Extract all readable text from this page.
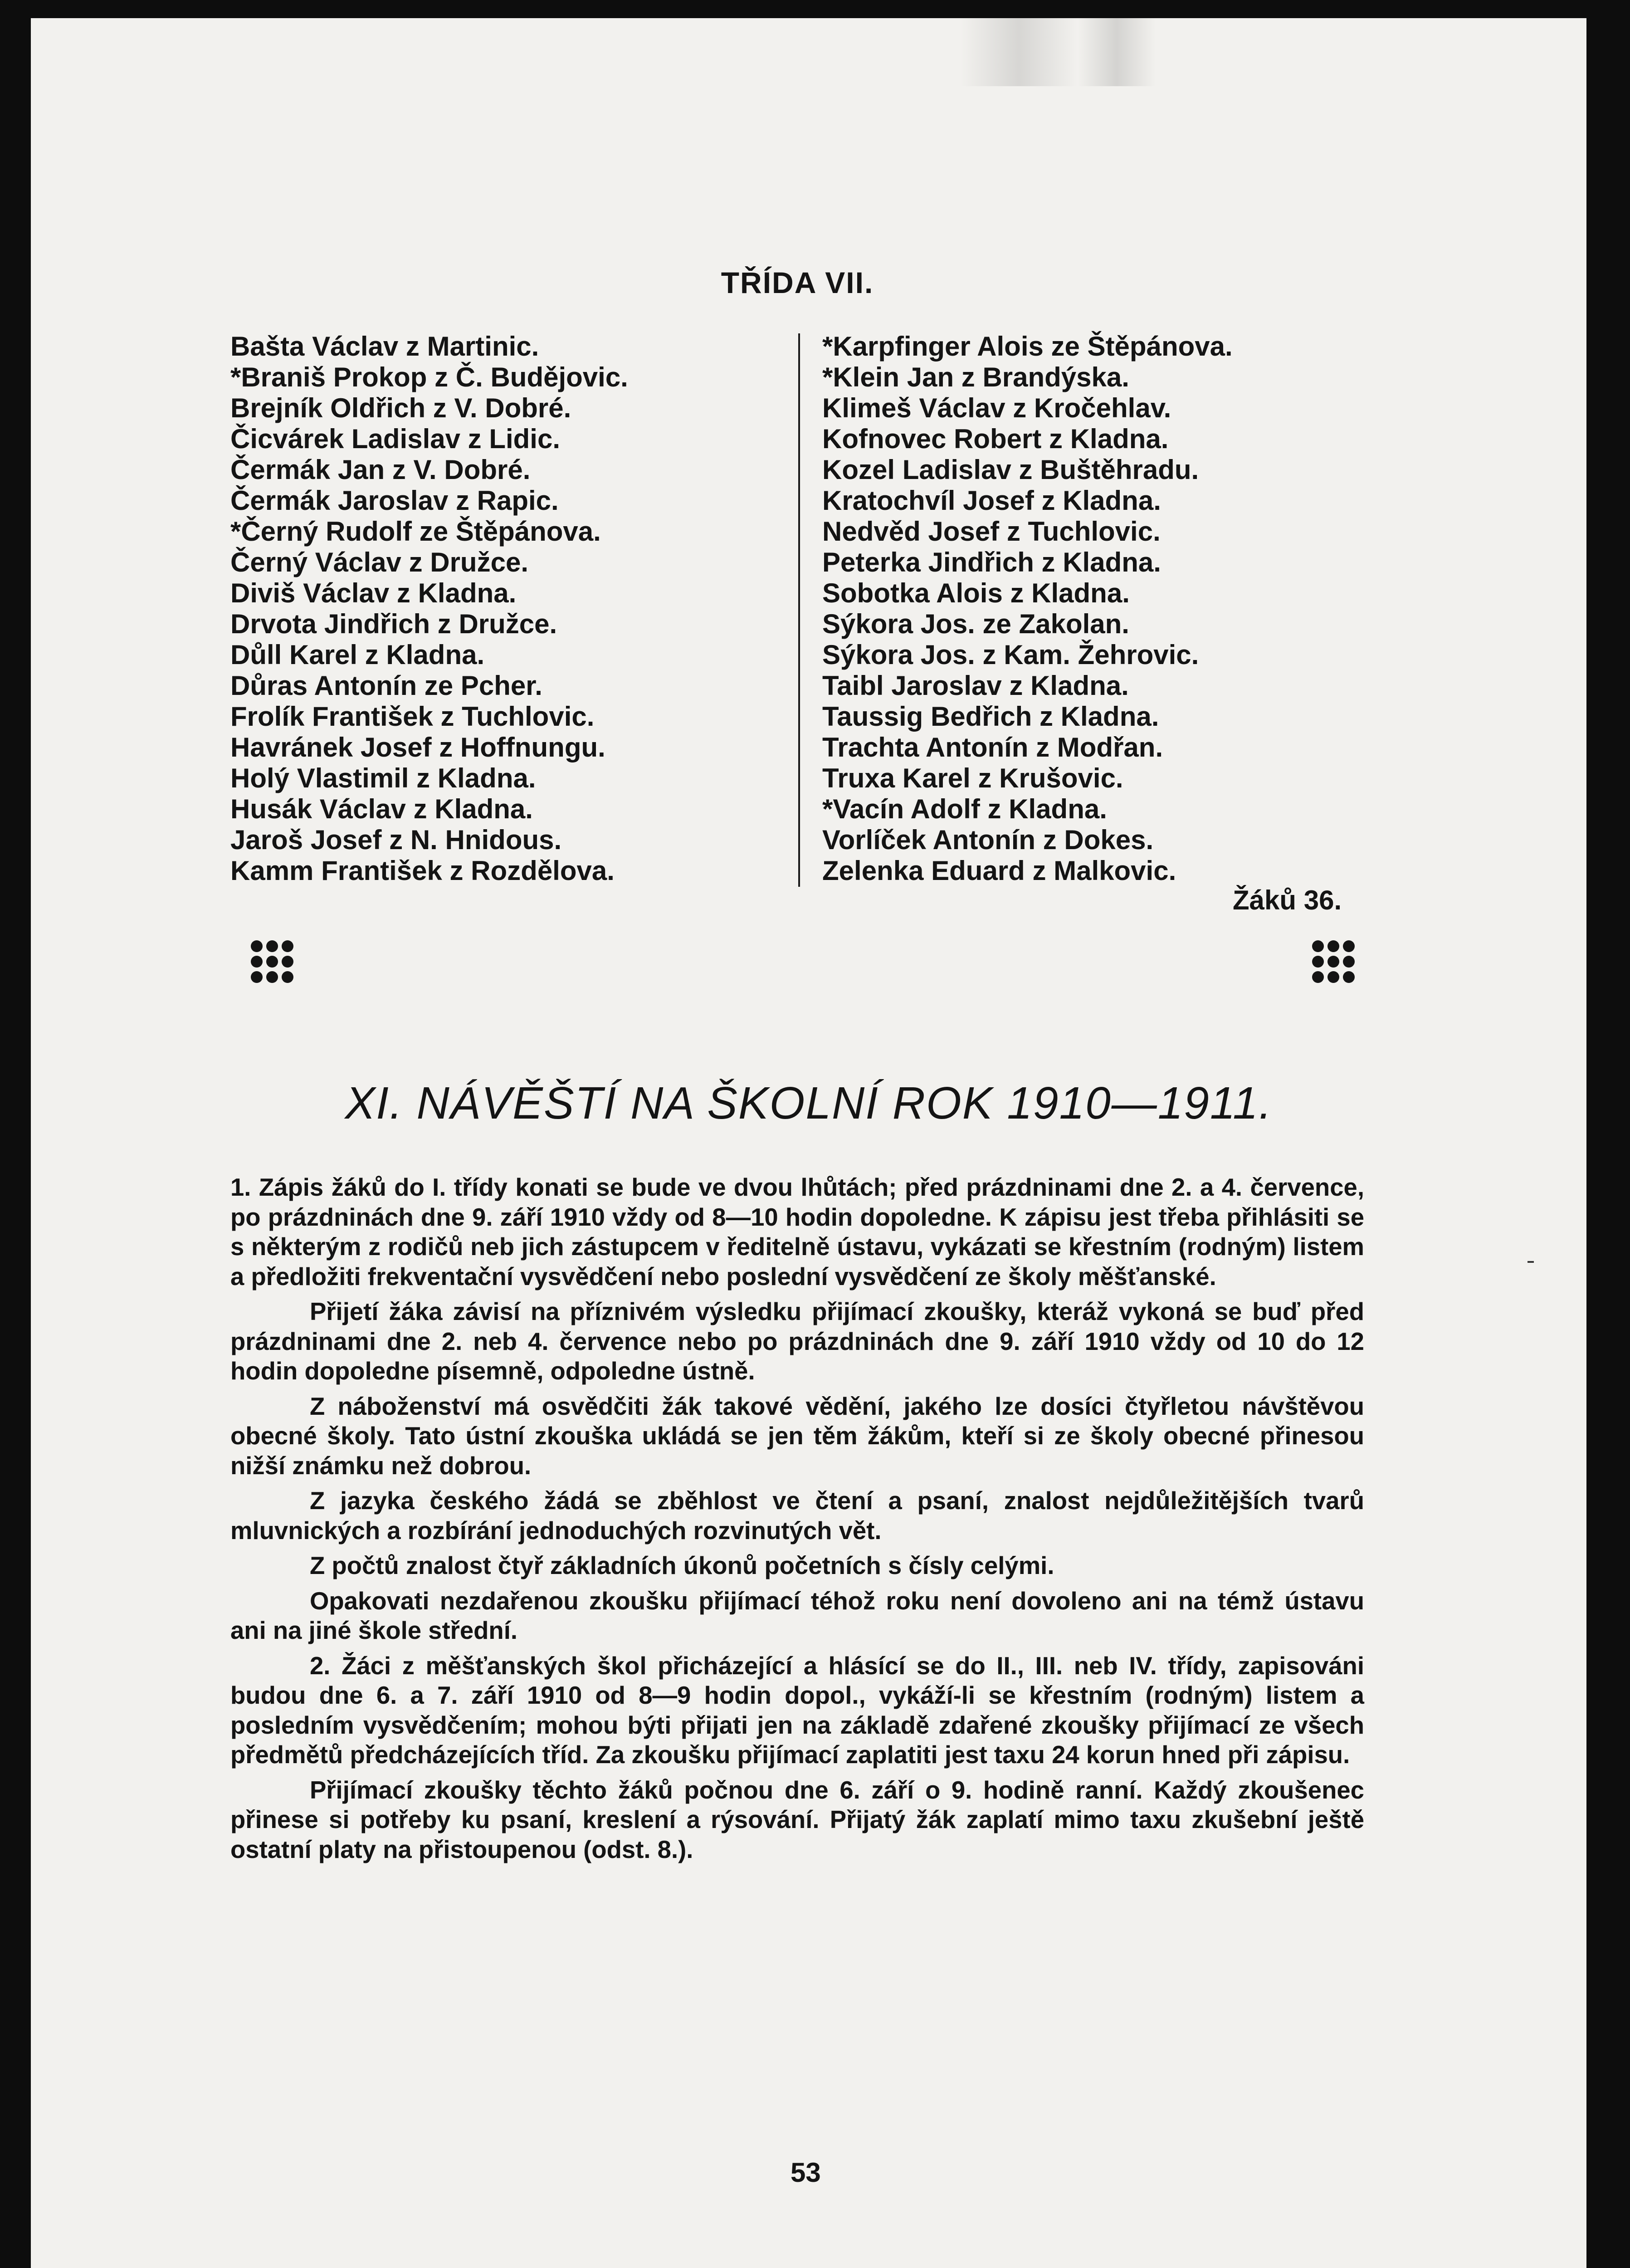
TŘÍDA VII.
Bašta Václav z Martinic.
*Braniš Prokop z Č. Budějovic.
Brejník Oldřich z V. Dobré.
Čicvárek Ladislav z Lidic.
Čermák Jan z V. Dobré.
Čermák Jaroslav z Rapic.
*Černý Rudolf ze Štěpánova.
Černý Václav z Družce.
Diviš Václav z Kladna.
Drvota Jindřich z Družce.
Důll Karel z Kladna.
Důras Antonín ze Pcher.
Frolík František z Tuchlovic.
Havránek Josef z Hoffnungu.
Holý Vlastimil z Kladna.
Husák Václav z Kladna.
Jaroš Josef z N. Hnidous.
Kamm František z Rozdělova.
*Karpfinger Alois ze Štěpánova.
*Klein Jan z Brandýska.
Klimeš Václav z Kročehlav.
Kofnovec Robert z Kladna.
Kozel Ladislav z Buštěhradu.
Kratochvíl Josef z Kladna.
Nedvěd Josef z Tuchlovic.
Peterka Jindřich z Kladna.
Sobotka Alois z Kladna.
Sýkora Jos. ze Zakolan.
Sýkora Jos. z Kam. Žehrovic.
Taibl Jaroslav z Kladna.
Taussig Bedřich z Kladna.
Trachta Antonín z Modřan.
Truxa Karel z Krušovic.
*Vacín Adolf z Kladna.
Vorlíček Antonín z Dokes.
Zelenka Eduard z Malkovic.
Žáků 36.
XI. NÁVĚŠTÍ NA ŠKOLNÍ ROK 1910—1911.
1. Zápis žáků do I. třídy konati se bude ve dvou lhůtách; před prázdninami dne 2. a 4. července, po prázdninách dne 9. září 1910 vždy od 8—10 hodin dopoledne. K zápisu jest třeba přihlásiti se s některým z rodičů neb jich zástupcem v ředitelně ústavu, vykázati se křestním (rodným) listem a předložiti frekventační vysvědčení nebo poslední vysvědčení ze školy měšťanské.
Přijetí žáka závisí na příznivém výsledku přijímací zkoušky, kteráž vykoná se buď před prázdninami dne 2. neb 4. července nebo po prázdninách dne 9. září 1910 vždy od 10 do 12 hodin dopoledne písemně, odpoledne ústně.
Z náboženství má osvědčiti žák takové vědění, jakého lze dosíci čtyřletou návštěvou obecné školy. Tato ústní zkouška ukládá se jen těm žákům, kteří si ze školy obecné přinesou nižší známku než dobrou.
Z jazyka českého žádá se zběhlost ve čtení a psaní, znalost nejdůležitějších tvarů mluvnických a rozbírání jednoduchých rozvinutých vět.
Z počtů znalost čtyř základních úkonů početních s čísly celými.
Opakovati nezdařenou zkoušku přijímací téhož roku není dovoleno ani na témž ústavu ani na jiné škole střední.
2. Žáci z měšťanských škol přicházející a hlásící se do II., III. neb IV. třídy, zapisováni budou dne 6. a 7. září 1910 od 8—9 hodin dopol., vykáží-li se křestním (rodným) listem a posledním vysvědčením; mohou býti přijati jen na základě zdařené zkoušky přijímací ze všech předmětů předcházejících tříd. Za zkoušku přijímací zaplatiti jest taxu 24 korun hned při zápisu.
Přijímací zkoušky těchto žáků počnou dne 6. září o 9. hodině ranní. Každý zkoušenec přinese si potřeby ku psaní, kreslení a rýsování. Přijatý žák zaplatí mimo taxu zkušební ještě ostatní platy na přistoupenou (odst. 8.).
53
